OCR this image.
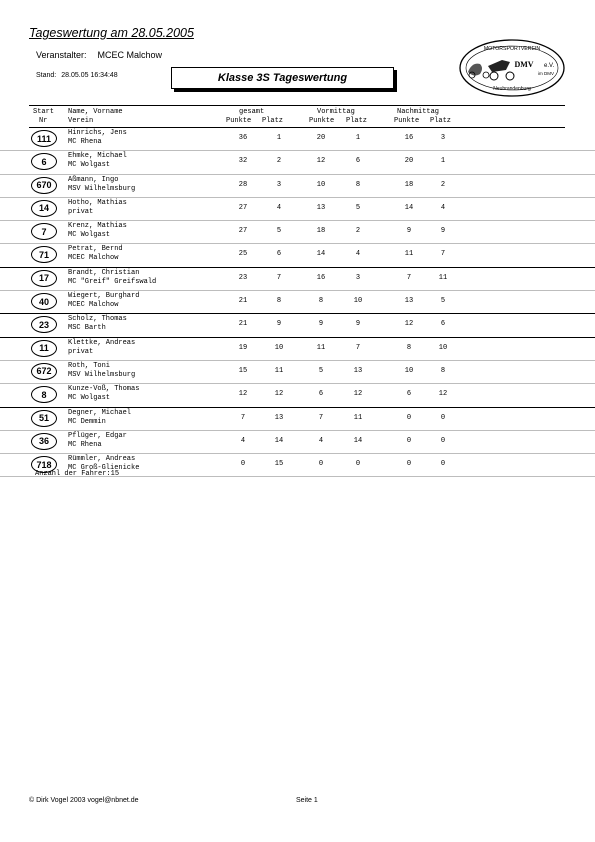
Tageswertung am 28.05.2005
Veranstalter: MCEC Malchow
Stand: 28.05.05 16:34:48	Klasse 3S Tageswertung
MOTORSPORTVEREIN
DMV e.V.
im DMV
Neubrandenburg
Start
Nr
Name, Vorname
Verein
gesamt
Punkte Platz
Vormittag
Punkte Platz
Nachmittag
Punkte Platz
111
Hinrichs, Jens
MC Rhena	36	1	20	1	16	3
6
Ehmke, Michael
MC Wolgast	32	2	12	6	20	1
670
Aßmann, Ingo
MSV Wilhelmsburg	28	3	10	8	18	2
14
Hotho, Mathias
privat	27	4	13	5	14	4
7
Krenz, Mathias
MC Wolgast	27	5	18	2	9	9
71
Petrat, Bernd
MCEC Malchow	25	6	14	4	11	7
17
Brandt, Christian
MC "Greif" Greifswald	23	7	16	3	7	11
40
Wiegert, Burghard
MCEC Malchow	21	8	8	10	13	5
23
Scholz, Thomas
MSC Barth	21	9	9	9	12	6
11
Klettke, Andreas
privat	19	10	11	7	8	10
672
Roth, Toni
MSV Wilhelmsburg	15	11	5	13	10	8
8
Kunze-Voß, Thomas
MC Wolgast	12	12	6	12	6	12
51
Degner, Michael
MC Demmin	7	13	7	11	0	0
36
Pflüger, Edgar
MC Rhena	4	14	4	14	0	0
718
Rümmler, Andreas
MC Groß-Glienicke	0	15	0	0	0	0
Anzahl der Fahrer:15
© Dirk Vogel 2003 vogel@nbnet.de	Seite 1
